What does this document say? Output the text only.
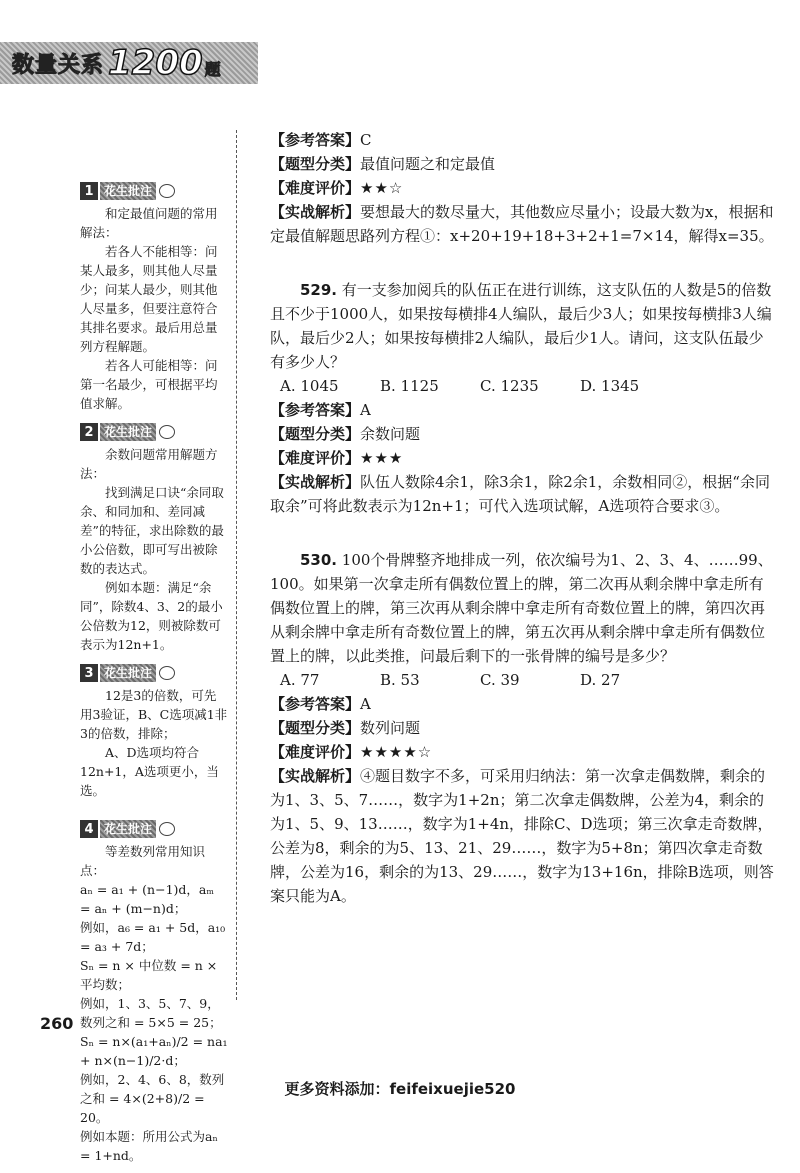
数量关系 1200 题
1 花生批注

和定最值问题的常用解法：

若各人不能相等：问某人最多，则其他人尽量少；问某人最少，则其他人尽量多，但要注意符合其排名要求。最后用总量列方程解题。

若各人可能相等：问第一名最少，可根据平均值求解。

2 花生批注

余数问题常用解题方法：

找到满足口诀“余同取余、和同加和、差同减差”的特征，求出除数的最小公倍数，即可写出被除数的表达式。

例如本题：满足“余同”，除数4、3、2的最小公倍数为12，则被除数可表示为12n+1。

3 花生批注

12是3的倍数，可先用3验证，B、C选项减1非3的倍数，排除；

A、D选项均符合12n+1，A选项更小，当选。

4 花生批注

等差数列常用知识点：

aₙ = a₁ + (n−1)d，aₘ = aₙ + (m−n)d；

例如，a₆ = a₁ + 5d，a₁₀ = a₃ + 7d；

Sₙ = n × 中位数 = n × 平均数；

例如，1、3、5、7、9，数列之和 = 5×5 = 25；

Sₙ = n×(a₁+aₙ)/2 = na₁ + n×(n−1)/2·d；

例如，2、4、6、8，数列之和 = 4×(2+8)/2 = 20。

例如本题：所用公式为aₙ = 1+nd。

【参考答案】C

【题型分类】最值问题之和定最值

【难度评价】★★☆

【实战解析】要想最大的数尽量大，其他数应尽量小；设最大数为x，根据和定最值解题思路列方程①：x+20+19+18+3+2+1=7×14，解得x=35。

529. 有一支参加阅兵的队伍正在进行训练，这支队伍的人数是5的倍数且不少于1000人，如果按每横排4人编队，最后少3人；如果按每横排3人编队，最后少2人；如果按每横排2人编队，最后少1人。请问，这支队伍最少有多少人？

A. 1045	B. 1125	C. 1235	D. 1345

【参考答案】A

【题型分类】余数问题

【难度评价】★★★

【实战解析】队伍人数除4余1，除3余1，除2余1，余数相同②，根据“余同取余”可将此数表示为12n+1；可代入选项试解，A选项符合要求③。

530. 100个骨牌整齐地排成一列，依次编号为1、2、3、4、……99、100。如果第一次拿走所有偶数位置上的牌，第二次再从剩余牌中拿走所有偶数位置上的牌，第三次再从剩余牌中拿走所有奇数位置上的牌，第四次再从剩余牌中拿走所有奇数位置上的牌，第五次再从剩余牌中拿走所有偶数位置上的牌，以此类推，问最后剩下的一张骨牌的编号是多少？

A. 77	B. 53	C. 39	D. 27

【参考答案】A

【题型分类】数列问题

【难度评价】★★★★☆

【实战解析】④题目数字不多，可采用归纳法：第一次拿走偶数牌，剩余的为1、3、5、7……，数字为1+2n；第二次拿走偶数牌，公差为4，剩余的为1、5、9、13……，数字为1+4n，排除C、D选项；第三次拿走奇数牌，公差为8，剩余的为5、13、21、29……，数字为5+8n；第四次拿走奇数牌，公差为16，剩余的为13、29……，数字为13+16n，排除B选项，则答案只能为A。

260
更多资料添加：feifeixuejie520
